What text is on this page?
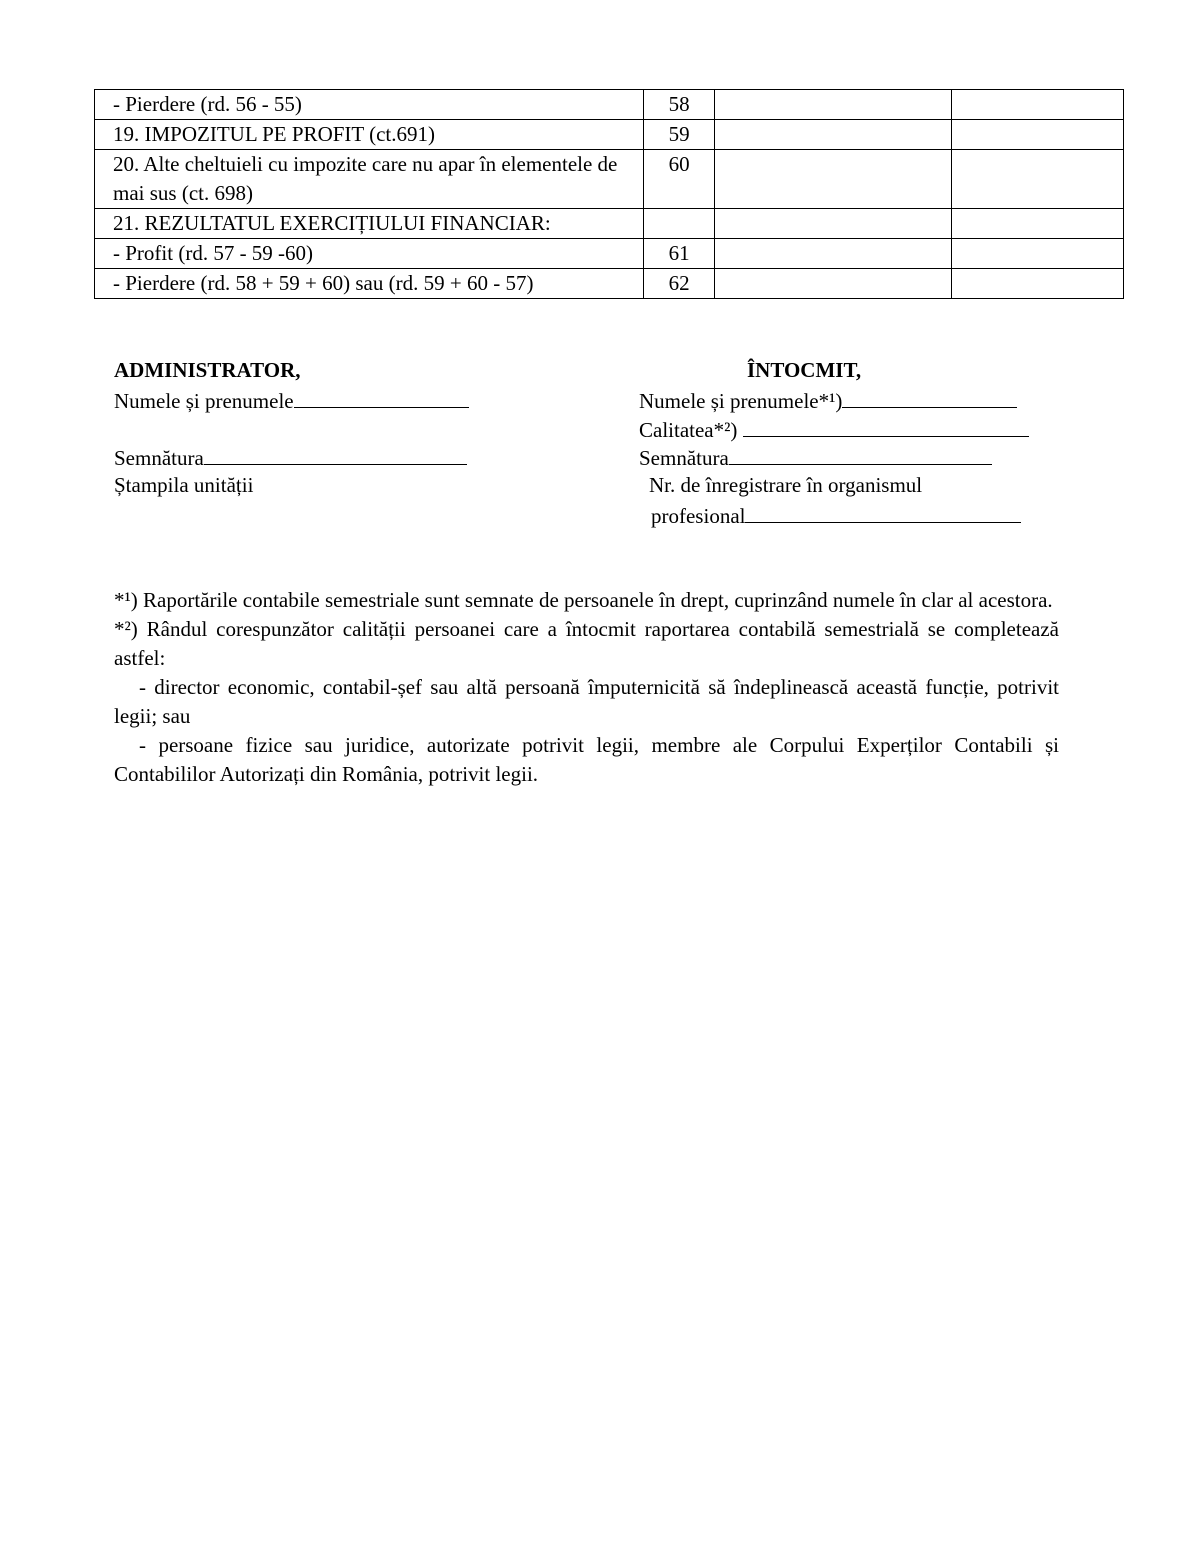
- Pierdere (rd. 56 - 55)	58		
19. IMPOZITUL PE PROFIT (ct.691)	59		
20. Alte cheltuieli cu impozite care nu apar în elementele de mai sus (ct. 698)	60		
21. REZULTATUL EXERCIȚIULUI FINANCIAR:			
- Profit (rd. 57 - 59 -60)	61		
- Pierdere (rd. 58 + 59 + 60) sau (rd. 59 + 60 - 57)	62		
ADMINISTRATOR,
Numele și prenumele
Semnătura
Ștampila unității
ÎNTOCMIT,
Numele și prenumele*¹)
Calitatea*²)
Semnătura
Nr. de înregistrare în organismul
profesional

*¹) Raportările contabile semestriale sunt semnate de persoanele în drept, cuprinzând numele în clar al acestora.

*²) Rândul corespunzător calității persoanei care a întocmit raportarea contabilă semestrială se completează astfel:

- director economic, contabil-șef sau altă persoană împuternicită să îndeplinească această funcție, potrivit legii; sau

- persoane fizice sau juridice, autorizate potrivit legii, membre ale Corpului Experților Contabili și Contabililor Autorizați din România, potrivit legii.
